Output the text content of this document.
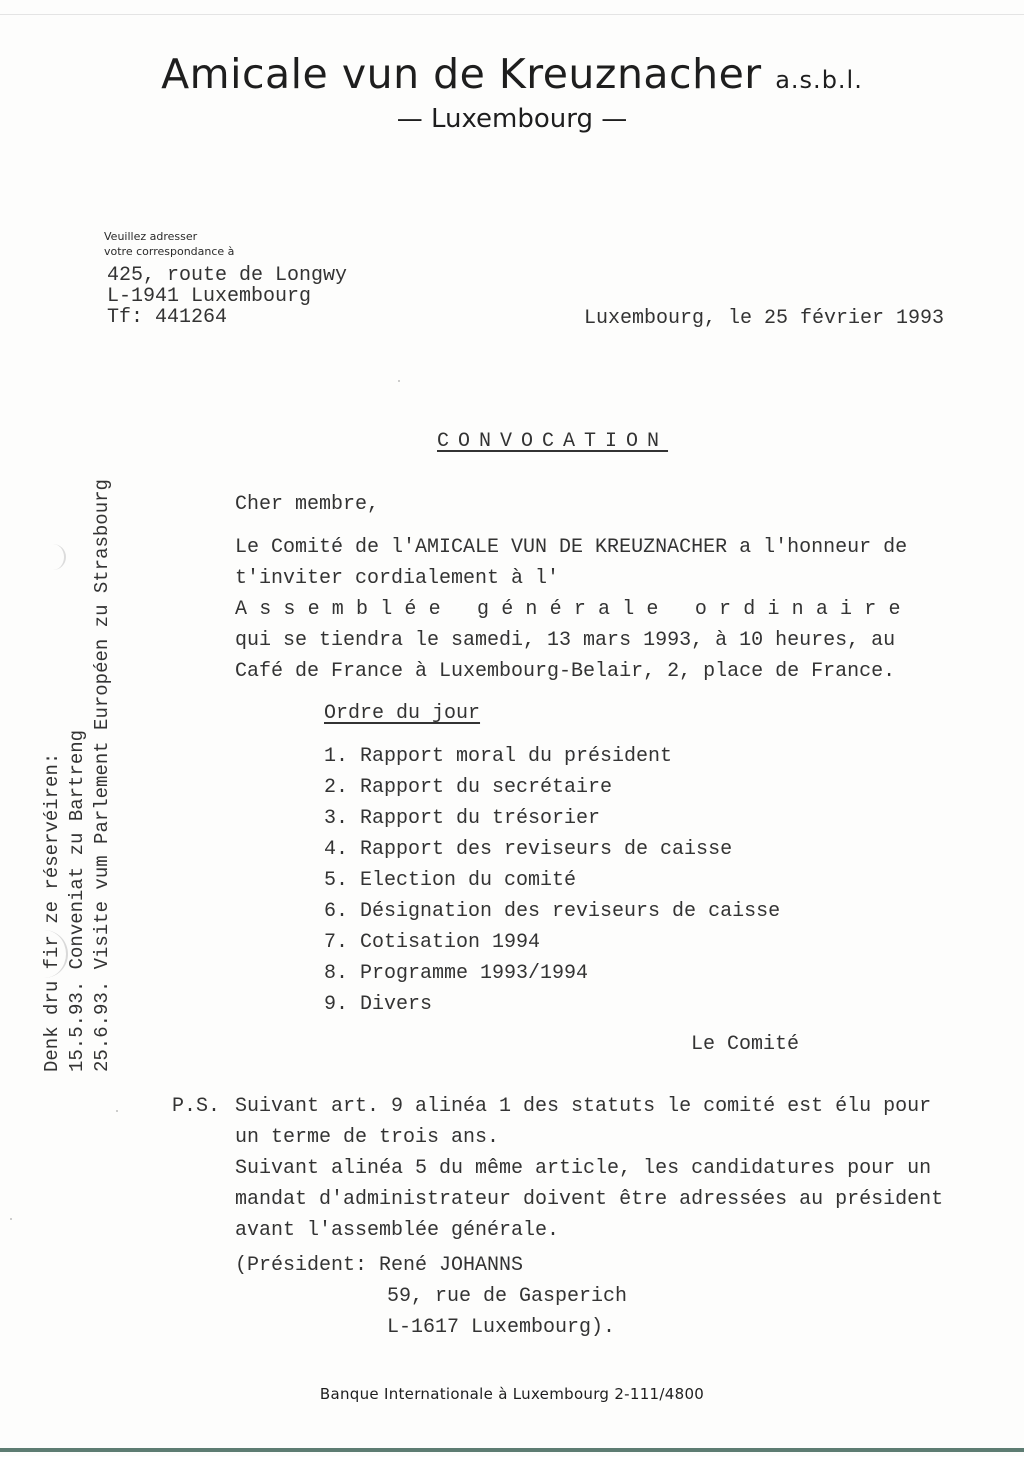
Amicale vun de Kreuznacher a.s.b.l.
— Luxembourg —
Veuillez adresser
votre correspondance à
425, route de Longwy
L-1941 Luxembourg
Tf: 441264	Luxembourg, le 25 février 1993
CONVOCATION
Cher membre,
Le Comité de l'AMICALE VUN DE KREUZNACHER a l'honneur de
t'inviter cordialement à l'
Assemblée générale ordinaire
qui se tiendra le samedi, 13 mars 1993, à 10 heures, au
Café de France à Luxembourg-Belair, 2, place de France.
Ordre du jour
1. Rapport moral du président
2. Rapport du secrétaire
3. Rapport du trésorier
4. Rapport des reviseurs de caisse
5. Election du comité
6. Désignation des reviseurs de caisse
7. Cotisation 1994
8. Programme 1993/1994
9. Divers
Le Comité
P.S. Suivant art. 9 alinéa 1 des statuts le comité est élu pour
un terme de trois ans.
Suivant alinéa 5 du même article, les candidatures pour un
mandat d'administrateur doivent être adressées au président
avant l'assemblée générale.
(Président: René JOHANNS
59, rue de Gasperich
L-1617 Luxembourg).
Banque Internationale à Luxembourg 2-111/4800
Denk dru fir ze réservéiren: 15.5.93. Conveniat zu Bartreng 25.6.93. Visite vum Parlement Européen zu Strasbourg
